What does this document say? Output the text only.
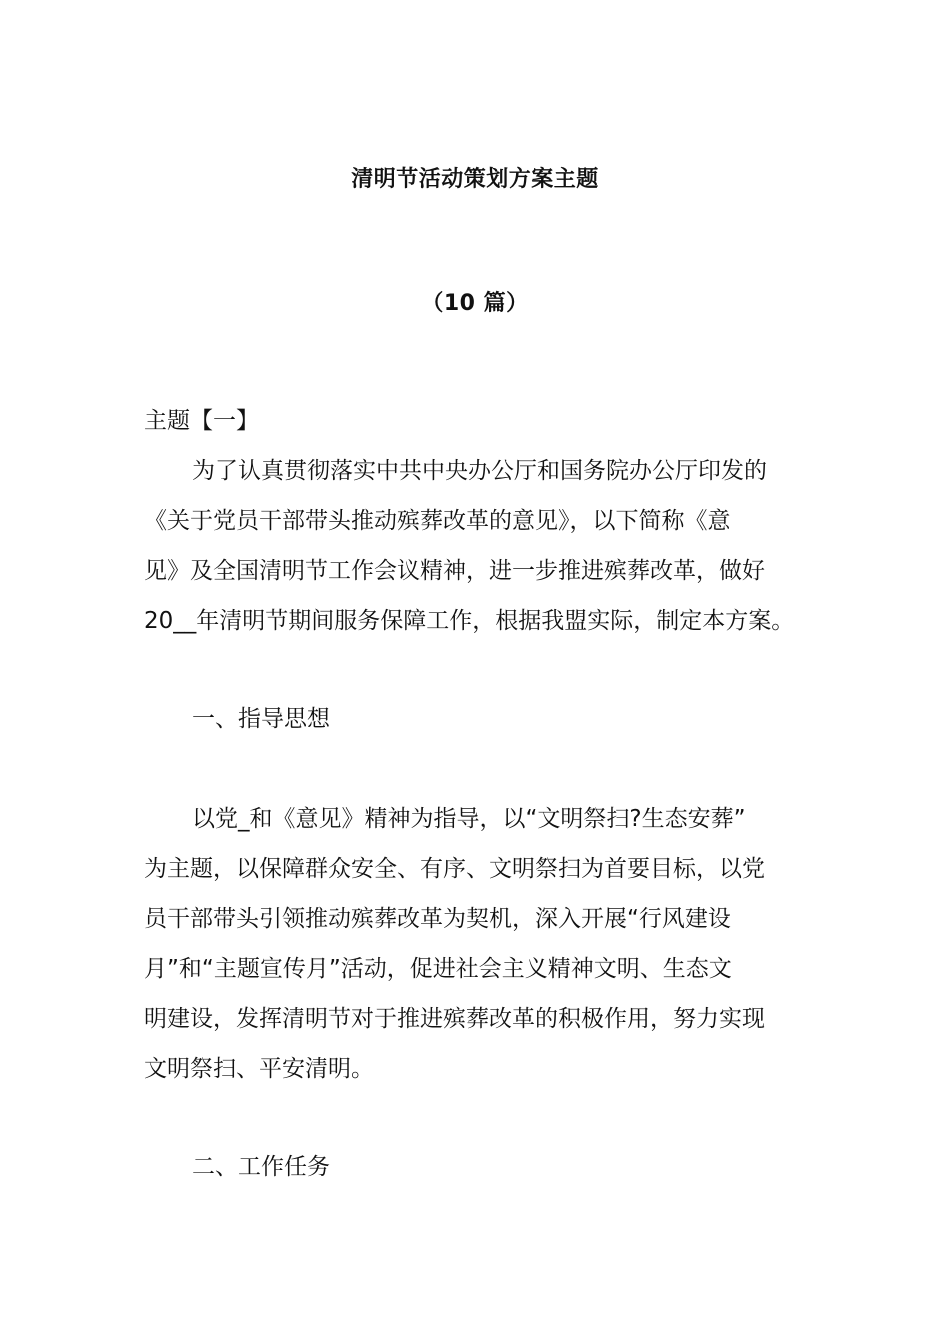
清明节活动策划方案主题
（10 篇）
主题【一】
为了认真贯彻落实中共中央办公厅和国务院办公厅印发的
《关于党员干部带头推动殡葬改革的意见》，以下简称《意
见》及全国清明节工作会议精神，进一步推进殡葬改革，做好
20__年清明节期间服务保障工作，根据我盟实际，制定本方案。
一、指导思想
以党_和《意见》精神为指导，以“文明祭扫?生态安葬”
为主题，以保障群众安全、有序、文明祭扫为首要目标，以党
员干部带头引领推动殡葬改革为契机，深入开展“行风建设
月”和“主题宣传月”活动，促进社会主义精神文明、生态文
明建设，发挥清明节对于推进殡葬改革的积极作用，努力实现
文明祭扫、平安清明。
二、工作任务
